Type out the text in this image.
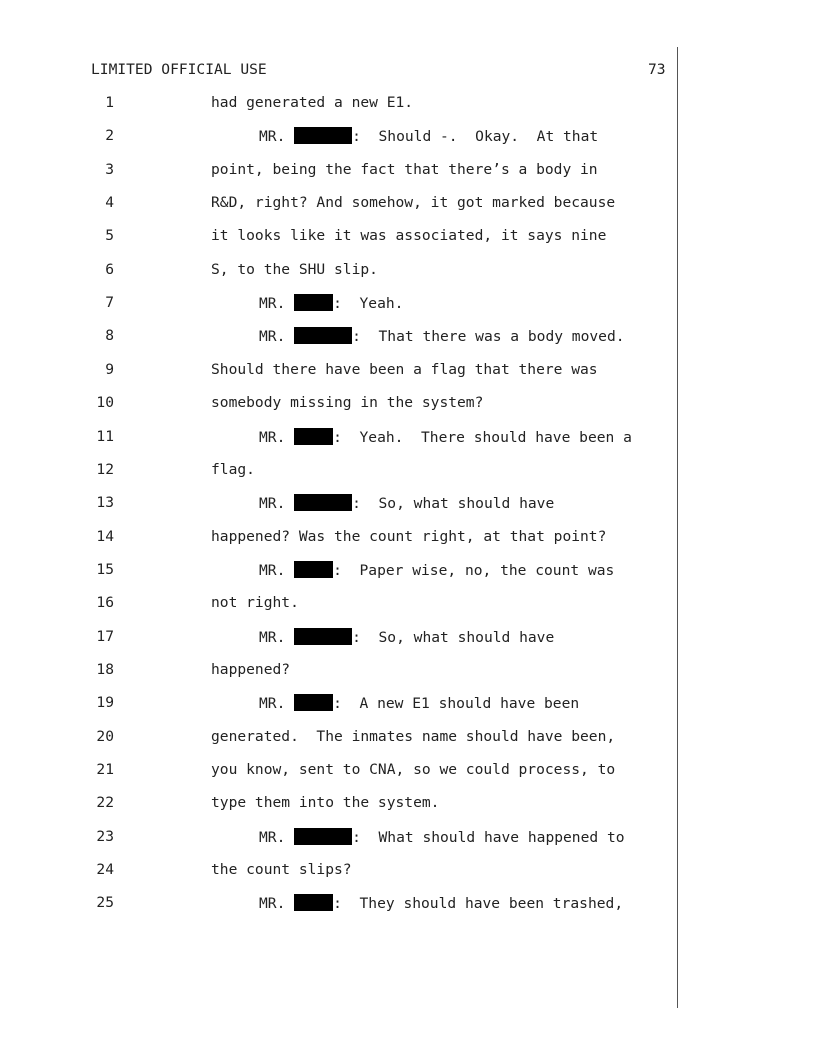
LIMITED OFFICIAL USE	73
1	had generated a new E1.
2	MR.	:  Should -.  Okay.  At that
3	point, being the fact that there’s a body in
4	R&D, right? And somehow, it got marked because
5	it looks like it was associated, it says nine
6	S, to the SHU slip.
7	MR.	:  Yeah.
8	MR.	:  That there was a body moved.
9	Should there have been a flag that there was
10	somebody missing in the system?
11	MR.	:  Yeah.  There should have been a
12	flag.
13	MR.	:  So, what should have
14	happened? Was the count right, at that point?
15	MR.	:  Paper wise, no, the count was
16	not right.
17	MR.	:  So, what should have
18	happened?
19	MR.	:  A new E1 should have been
20	generated.  The inmates name should have been,
21	you know, sent to CNA, so we could process, to
22	type them into the system.
23	MR.	:  What should have happened to
24	the count slips?
25	MR.	:  They should have been trashed,
